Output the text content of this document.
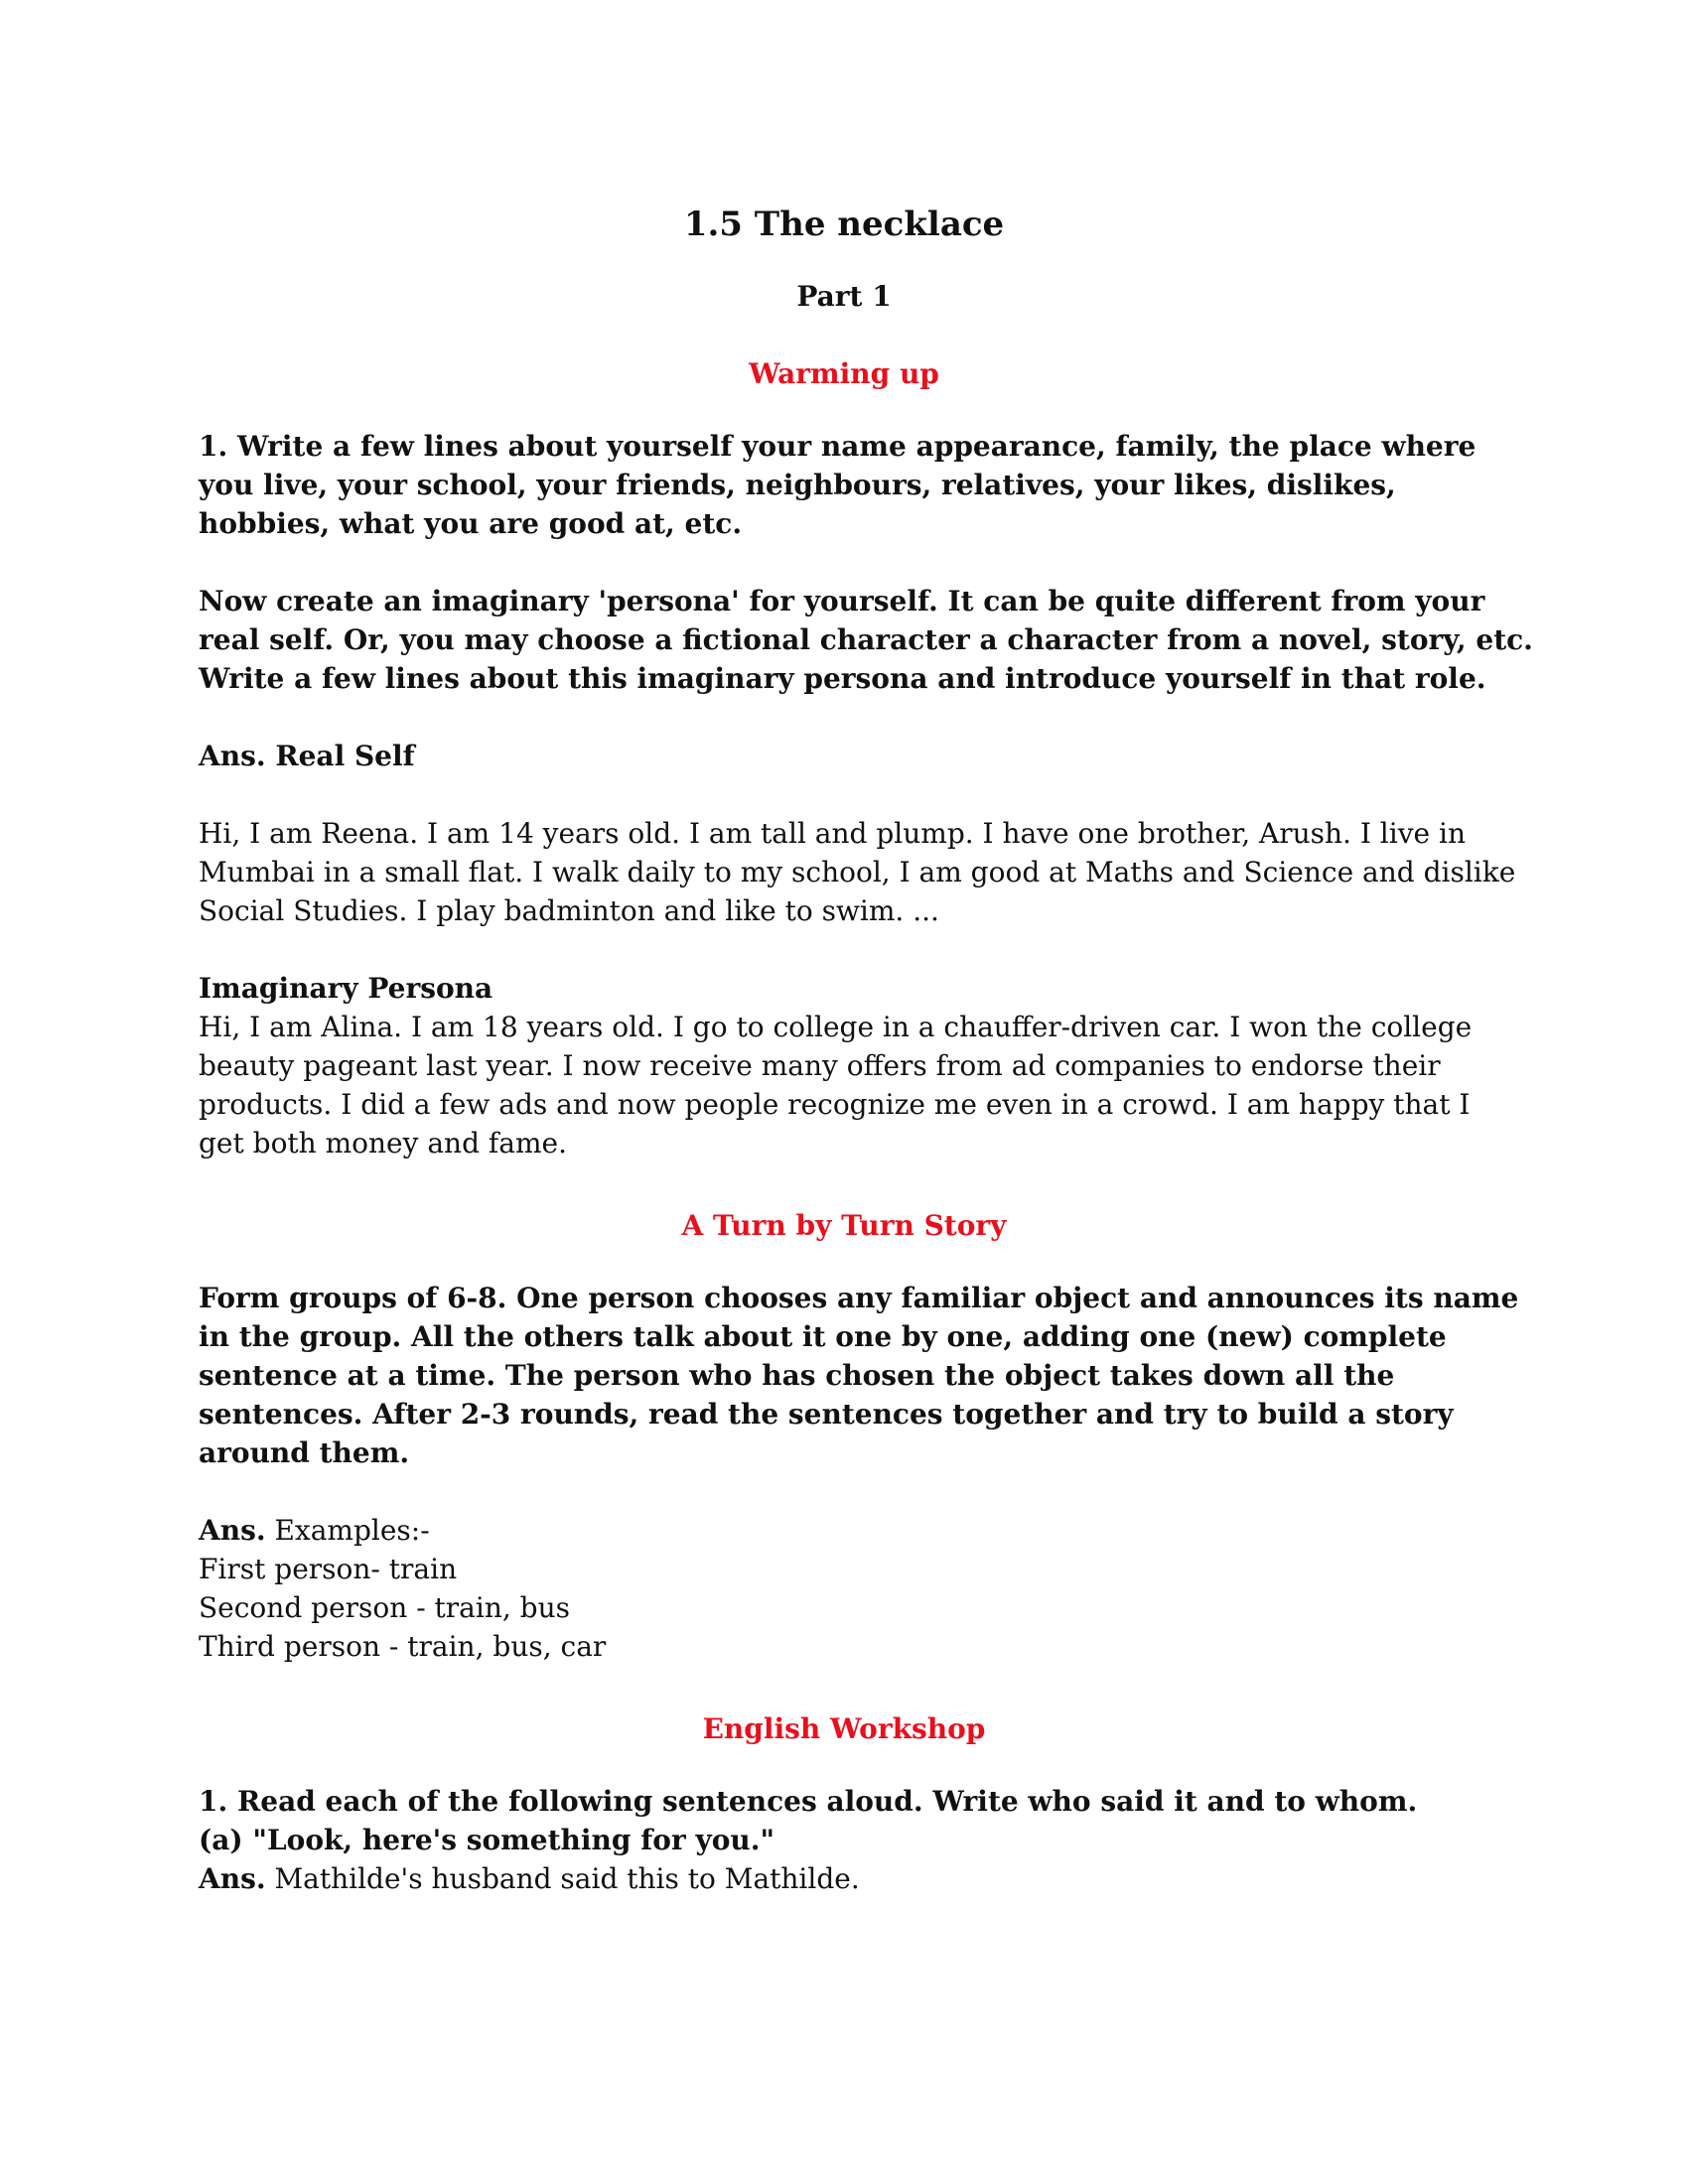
1.5 The necklace
Part 1
Warming up
1. Write a few lines about yourself your name appearance, family, the place where
you live, your school, your friends, neighbours, relatives, your likes, dislikes,
hobbies, what you are good at, etc.
Now create an imaginary 'persona' for yourself. It can be quite different from your
real self. Or, you may choose a fictional character a character from a novel, story, etc.
Write a few lines about this imaginary persona and introduce yourself in that role.
Ans. Real Self
Hi, I am Reena. I am 14 years old. I am tall and plump. I have one brother, Arush. I live in
Mumbai in a small flat. I walk daily to my school, I am good at Maths and Science and dislike
Social Studies. I play badminton and like to swim. ...
Imaginary Persona
Hi, I am Alina. I am 18 years old. I go to college in a chauffer-driven car. I won the college
beauty pageant last year. I now receive many offers from ad companies to endorse their
products. I did a few ads and now people recognize me even in a crowd. I am happy that I
get both money and fame.
A Turn by Turn Story
Form groups of 6-8. One person chooses any familiar object and announces its name
in the group. All the others talk about it one by one, adding one (new) complete
sentence at a time. The person who has chosen the object takes down all the
sentences. After 2-3 rounds, read the sentences together and try to build a story
around them.
Ans. Examples:-
First person- train
Second person - train, bus
Third person - train, bus, car
English Workshop
1. Read each of the following sentences aloud. Write who said it and to whom.
(a) "Look, here's something for you."
Ans. Mathilde's husband said this to Mathilde.
